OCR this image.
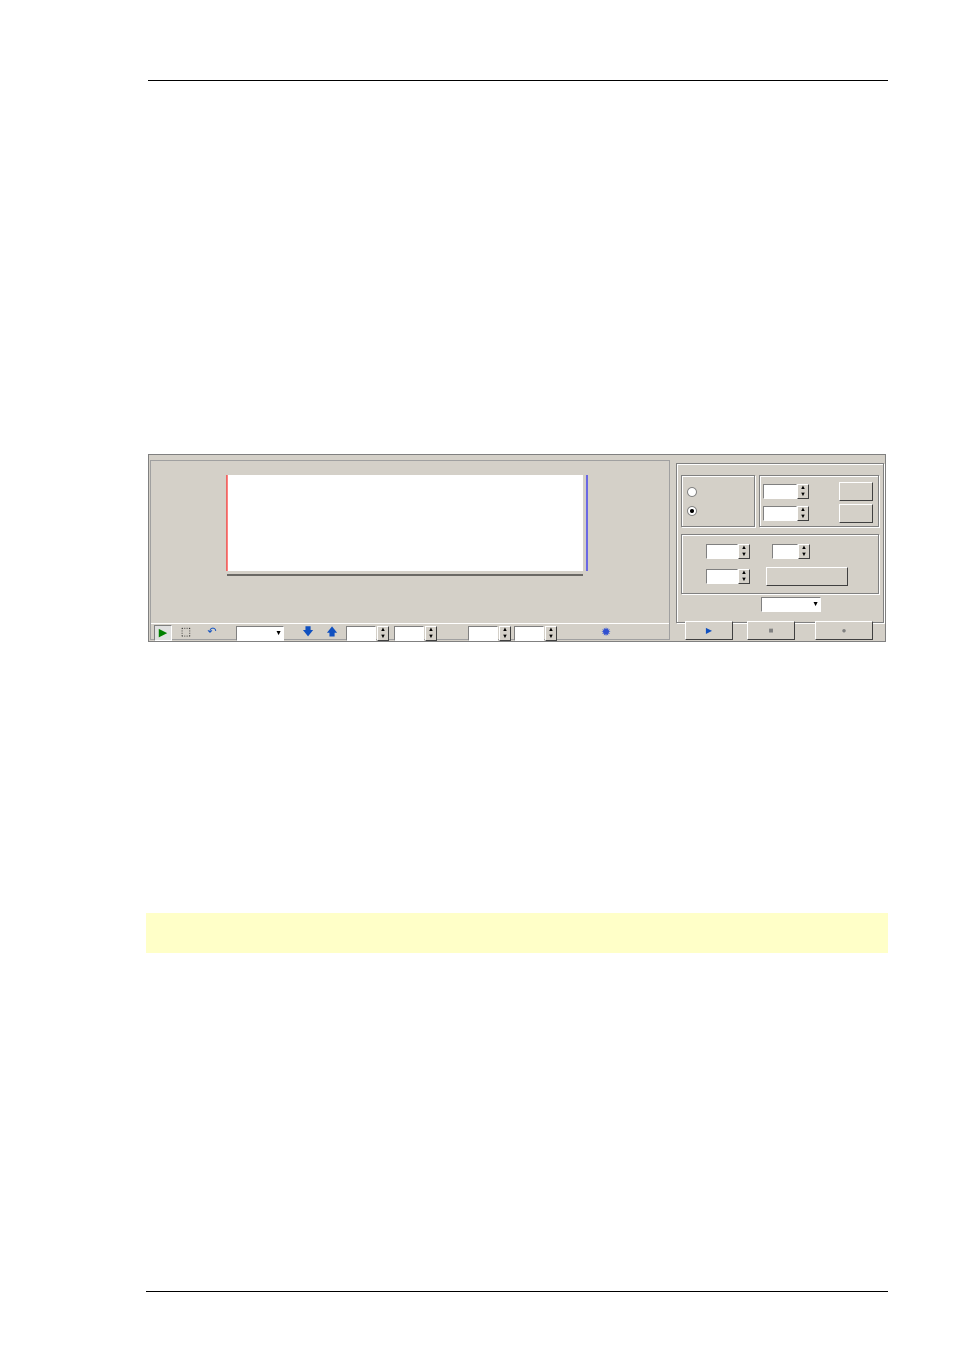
▶	⬚	↶	▼	🡇	🡅	▲
▼
▲
▼
▲
▼
▲
▼	✹
▲
▼
▲
▼
▲
▼
▲
▼
▲
▼
▼
▶	■	●
